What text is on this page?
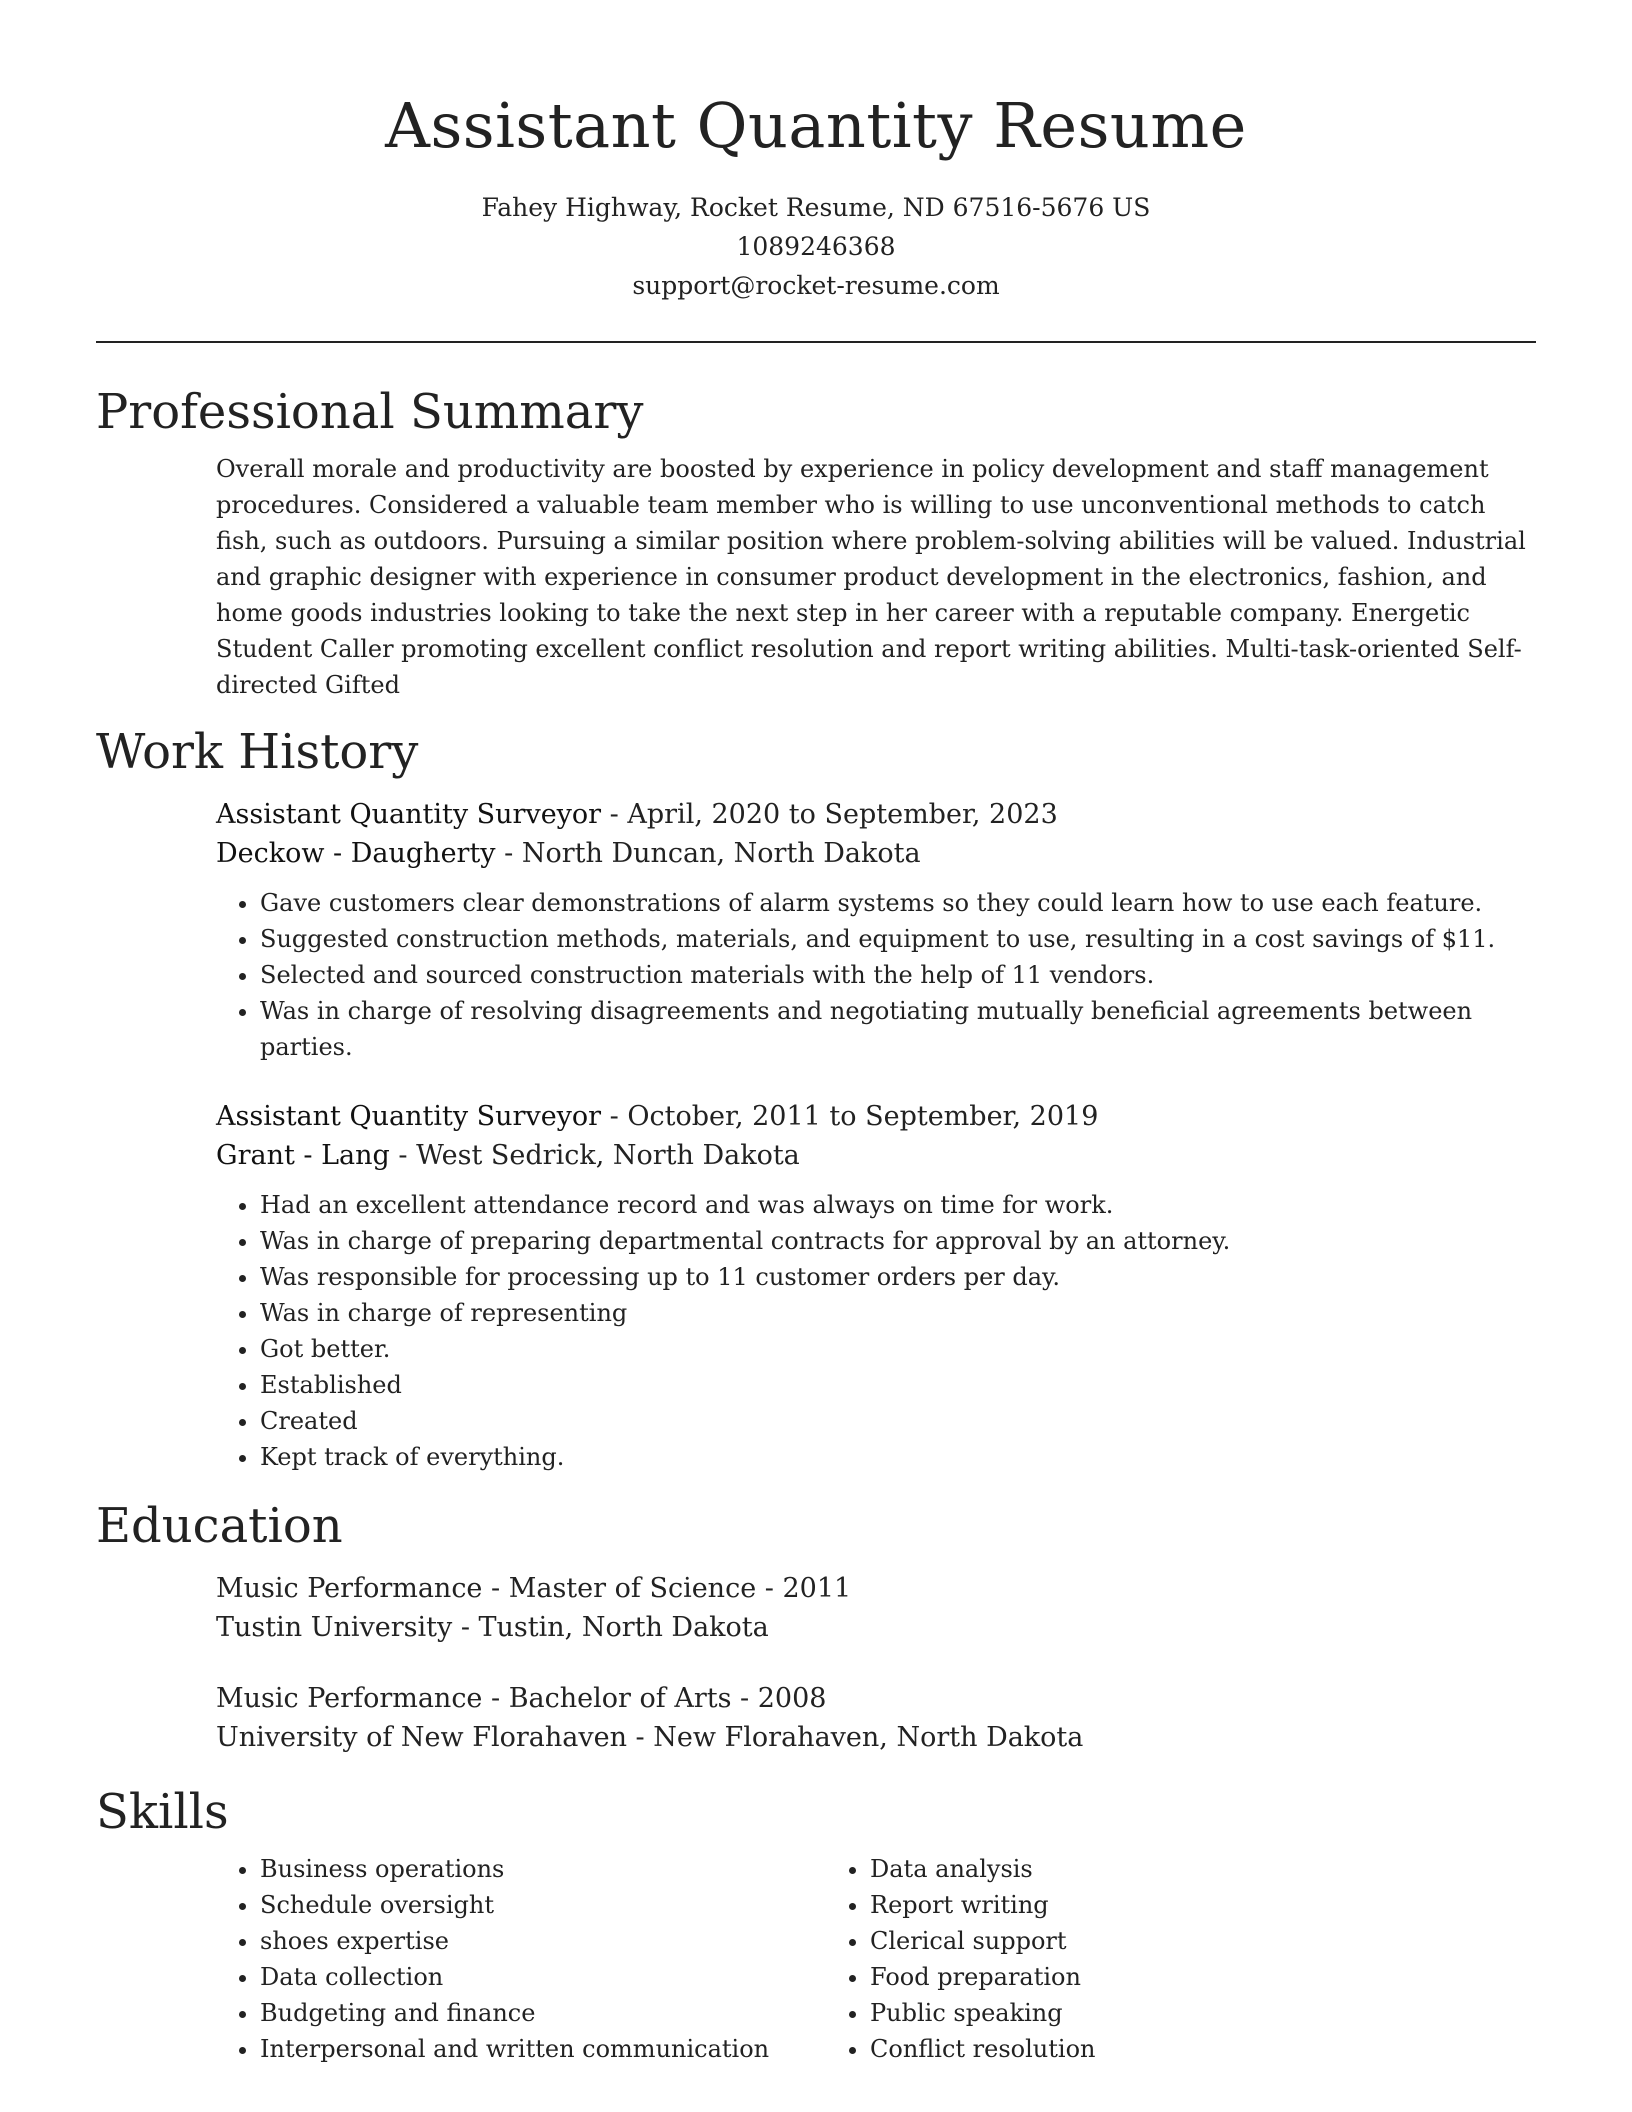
Assistant Quantity Resume
Fahey Highway, Rocket Resume, ND 67516-5676 US
1089246368
support@rocket-resume.com
Professional Summary
Overall morale and productivity are boosted by experience in policy development and staff management procedures. Considered a valuable team member who is willing to use unconventional methods to catch fish, such as outdoors. Pursuing a similar position where problem-solving abilities will be valued. Industrial and graphic designer with experience in consumer product development in the electronics, fashion, and home goods industries looking to take the next step in her career with a reputable company. Energetic Student Caller promoting excellent conflict resolution and report writing abilities. Multi-task-oriented Self-directed Gifted
Work History
Assistant Quantity Surveyor - April, 2020 to September, 2023
Deckow - Daugherty - North Duncan, North Dakota
• Gave customers clear demonstrations of alarm systems so they could learn how to use each feature.
• Suggested construction methods, materials, and equipment to use, resulting in a cost savings of $11.
• Selected and sourced construction materials with the help of 11 vendors.
• Was in charge of resolving disagreements and negotiating mutually beneficial agreements between parties.
Assistant Quantity Surveyor - October, 2011 to September, 2019
Grant - Lang - West Sedrick, North Dakota
• Had an excellent attendance record and was always on time for work.
• Was in charge of preparing departmental contracts for approval by an attorney.
• Was responsible for processing up to 11 customer orders per day.
• Was in charge of representing
• Got better.
• Established
• Created
• Kept track of everything.
Education
Music Performance - Master of Science - 2011
Tustin University - Tustin, North Dakota
Music Performance - Bachelor of Arts - 2008
University of New Florahaven - New Florahaven, North Dakota
Skills
• Business operations
• Schedule oversight
• shoes expertise
• Data collection
• Budgeting and finance
• Interpersonal and written communication
• Data analysis
• Report writing
• Clerical support
• Food preparation
• Public speaking
• Conflict resolution
